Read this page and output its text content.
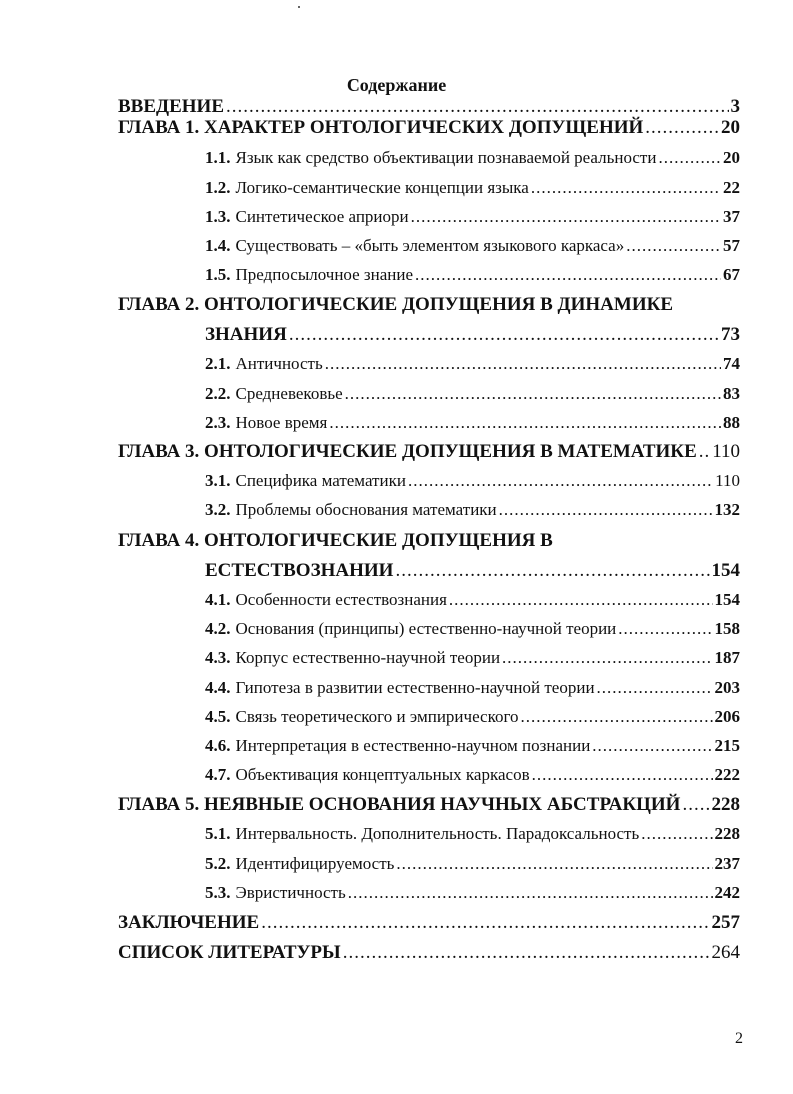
Содержание
ВВЕДЕНИЕ .....	3
ГЛАВА 1. ХАРАКТЕР ОНТОЛОГИЧЕСКИХ ДОПУЩЕНИЙ .....	20
1.1. Язык как средство объективации познаваемой реальности .....	20
1.2. Логико-семантические концепции языка .....	22
1.3. Синтетическое априори .....	37
1.4. Существовать – «быть элементом языкового каркаса» .....	57
1.5. Предпосылочное знание .....	67
ГЛАВА 2. ОНТОЛОГИЧЕСКИЕ ДОПУЩЕНИЯ В ДИНАМИКЕ
ЗНАНИЯ .....	73
2.1. Античность .....	74
2.2. Средневековье .....	83
2.3. Новое время .....	88
ГЛАВА 3. ОНТОЛОГИЧЕСКИЕ ДОПУЩЕНИЯ В МАТЕМАТИКЕ ..... 110
3.1. Специфика математики .....	110
3.2. Проблемы обоснования математики .....	132
ГЛАВА 4. ОНТОЛОГИЧЕСКИЕ ДОПУЩЕНИЯ В
ЕСТЕСТВОЗНАНИИ .....	154
4.1. Особенности естествознания .....	154
4.2. Основания (принципы) естественно-научной теории .....	158
4.3. Корпус естественно-научной теории .....	187
4.4. Гипотеза в развитии естественно-научной теории .....	203
4.5. Связь теоретического и эмпирического .....	206
4.6. Интерпретация в естественно-научном познании .....	215
4.7. Объективация концептуальных каркасов .....	222
ГЛАВА 5. НЕЯВНЫЕ ОСНОВАНИЯ НАУЧНЫХ АБСТРАКЦИЙ ..... 228
5.1. Интервальность. Дополнительность. Парадоксальность .....	228
5.2. Идентифицируемость .....	237
5.3. Эвристичность .....	242
ЗАКЛЮЧЕНИЕ .....	257
СПИСОК ЛИТЕРАТУРЫ .....	264
2
